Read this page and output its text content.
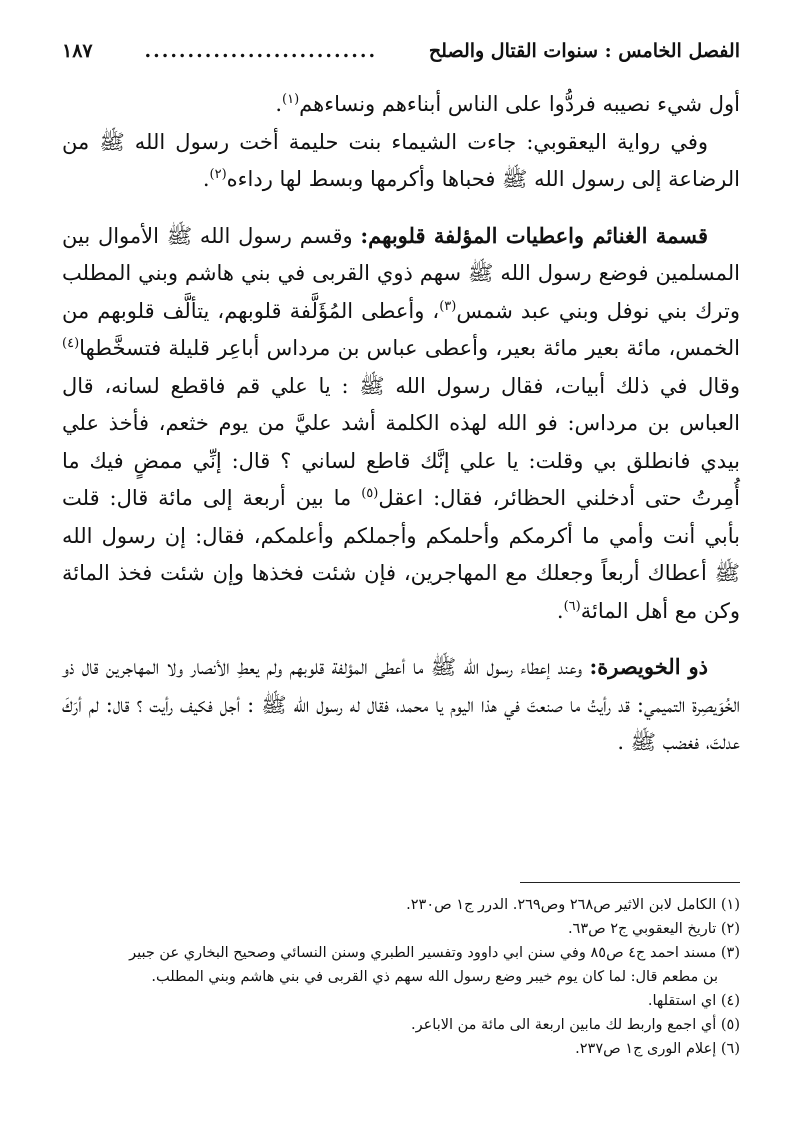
الفصل الخامس : سنوات القتال والصلح
...........................
١٨٧

أول شيء نصيبه فردُّوا على الناس أبناءهم ونساءهم$^{(١)}$.

وفي رواية اليعقوبي: جاءت الشيماء بنت حليمة أخت رسول الله ﷺ من الرضاعة إلى رسول الله ﷺ فحباها وأكرمها وبسط لها رداءه$^{(٢)}$.

قسمة الغنائم واعطيات المؤلفة قلوبهم: وقسم رسول الله ﷺ الأموال بين المسلمين فوضع رسول الله ﷺ سهم ذوي القربى في بني هاشم وبني المطلب وترك بني نوفل وبني عبد شمس$^{(٣)}$، وأعطى المُؤَلَّفة قلوبهم، يتألَّف قلوبهم من الخمس، مائة بعير مائة بعير، وأعطى عباس بن مرداس أباعِر قليلة فتسخَّطها$^{(٤)}$ وقال في ذلك أبيات، فقال رسول الله ﷺ : يا علي قم فاقطع لسانه، قال العباس بن مرداس: فو الله لهذه الكلمة أشد عليَّ من يوم خثعم، فأخذ علي بيدي فانطلق بي وقلت: يا علي إنَّك قاطع لساني ؟ قال: إنِّي ممضٍ فيك ما أُمِرتُ حتى أدخلني الحظائر، فقال: اعقل$^{(٥)}$ ما بين أربعة إلى مائة قال: قلت بأبي أنت وأمي ما أكرمكم وأحلمكم وأجملكم وأعلمكم، فقال: إن رسول الله ﷺ أعطاك أربعاً وجعلك مع المهاجرين، فإن شئت فخذها وإن شئت فخذ المائة وكن مع أهل المائة$^{(٦)}$.

ذو الخويصرة: وعند إعطاء رسول الله ﷺ ما أعطى المؤلفة قلوبهم ولم يعطِ الأنصار ولا المهاجرين قال ذو الخُوَيصِرة التميمي: قد رأيتُ ما صنعتَ في هذا اليوم يا محمد، فقال له رسول الله ﷺ : أجل فكيف رأيت ؟ قال: لم أرَكَ عدلتَ، فغضب ﷺ .

(١) الكامل لابن الاثير ص٢٦٨ وص٢٦٩. الدرر ج١ ص٢٣٠.

(٢) تاريخ اليعقوبي ج٢ ص٦٣.

(٣) مسند احمد ج٤ ص٨٥ وفي سنن ابي داوود وتفسير الطبري وسنن النسائي وصحيح البخاري عن جبير

بن مطعم قال: لما كان يوم خيبر وضع رسول الله سهم ذي القربى في بني هاشم وبني المطلب.

(٤) اي استقلها.

(٥) أي اجمع واربط لك مابين اربعة الى مائة من الاباعر.

(٦) إعلام الورى ج١ ص٢٣٧.
